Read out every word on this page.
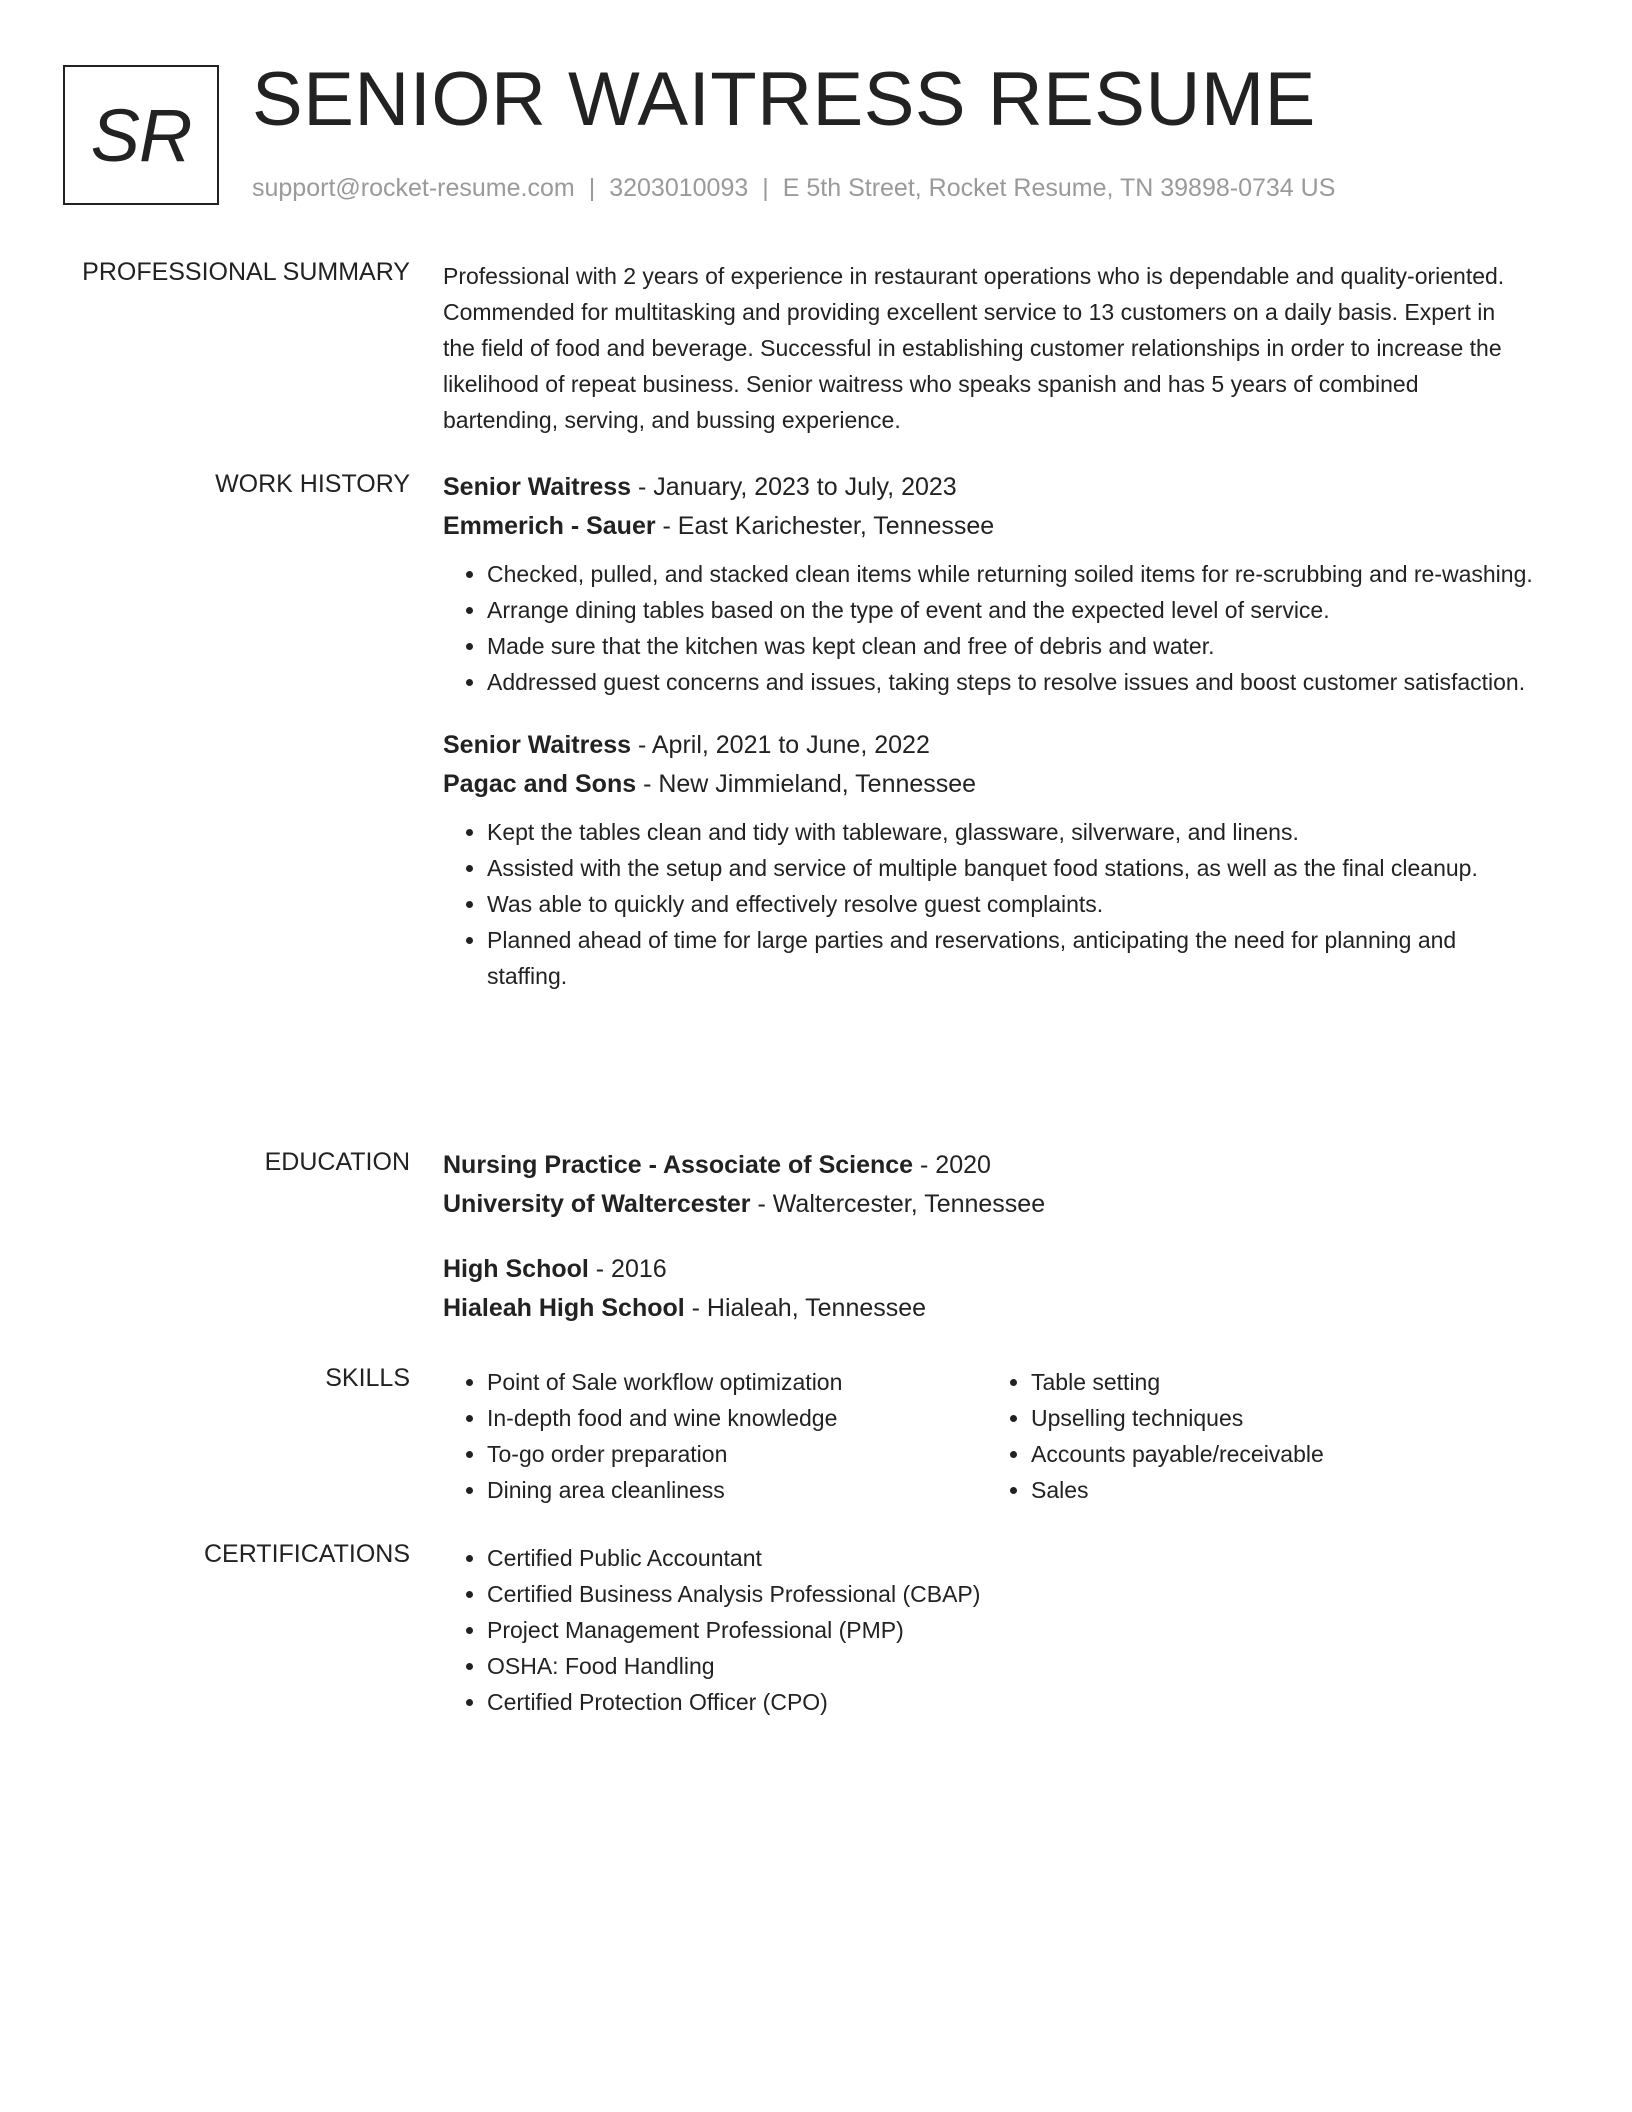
SR SENIOR WAITRESS RESUME
support@rocket-resume.com | 3203010093 | E 5th Street, Rocket Resume, TN 39898-0734 US
PROFESSIONAL SUMMARY Professional with 2 years of experience in restaurant operations who is dependable and quality-oriented. Commended for multitasking and providing excellent service to 13 customers on a daily basis. Expert in the field of food and beverage. Successful in establishing customer relationships in order to increase the likelihood of repeat business. Senior waitress who speaks spanish and has 5 years of combined bartending, serving, and bussing experience.

WORK HISTORY Senior Waitress - January, 2023 to July, 2023
Emmerich - Sauer - East Karichester, Tennessee
• Checked, pulled, and stacked clean items while returning soiled items for re-scrubbing and re-washing.
• Arrange dining tables based on the type of event and the expected level of service.
• Made sure that the kitchen was kept clean and free of debris and water.
• Addressed guest concerns and issues, taking steps to resolve issues and boost customer satisfaction.
Senior Waitress - April, 2021 to June, 2022
Pagac and Sons - New Jimmieland, Tennessee
• Kept the tables clean and tidy with tableware, glassware, silverware, and linens.
• Assisted with the setup and service of multiple banquet food stations, as well as the final cleanup.
• Was able to quickly and effectively resolve guest complaints.
• Planned ahead of time for large parties and reservations, anticipating the need for planning and staffing.
EDUCATION Nursing Practice - Associate of Science - 2020
University of Waltercester - Waltercester, Tennessee
High School - 2016
Hialeah High School - Hialeah, Tennessee
SKILLS	• Point of Sale workflow optimization
• In-depth food and wine knowledge
• To-go order preparation
• Dining area cleanliness
• Table setting
• Upselling techniques
• Accounts payable/receivable
• Sales
CERTIFICATIONS	• Certified Public Accountant
• Certified Business Analysis Professional (CBAP)
• Project Management Professional (PMP)
• OSHA: Food Handling
• Certified Protection Officer (CPO)
